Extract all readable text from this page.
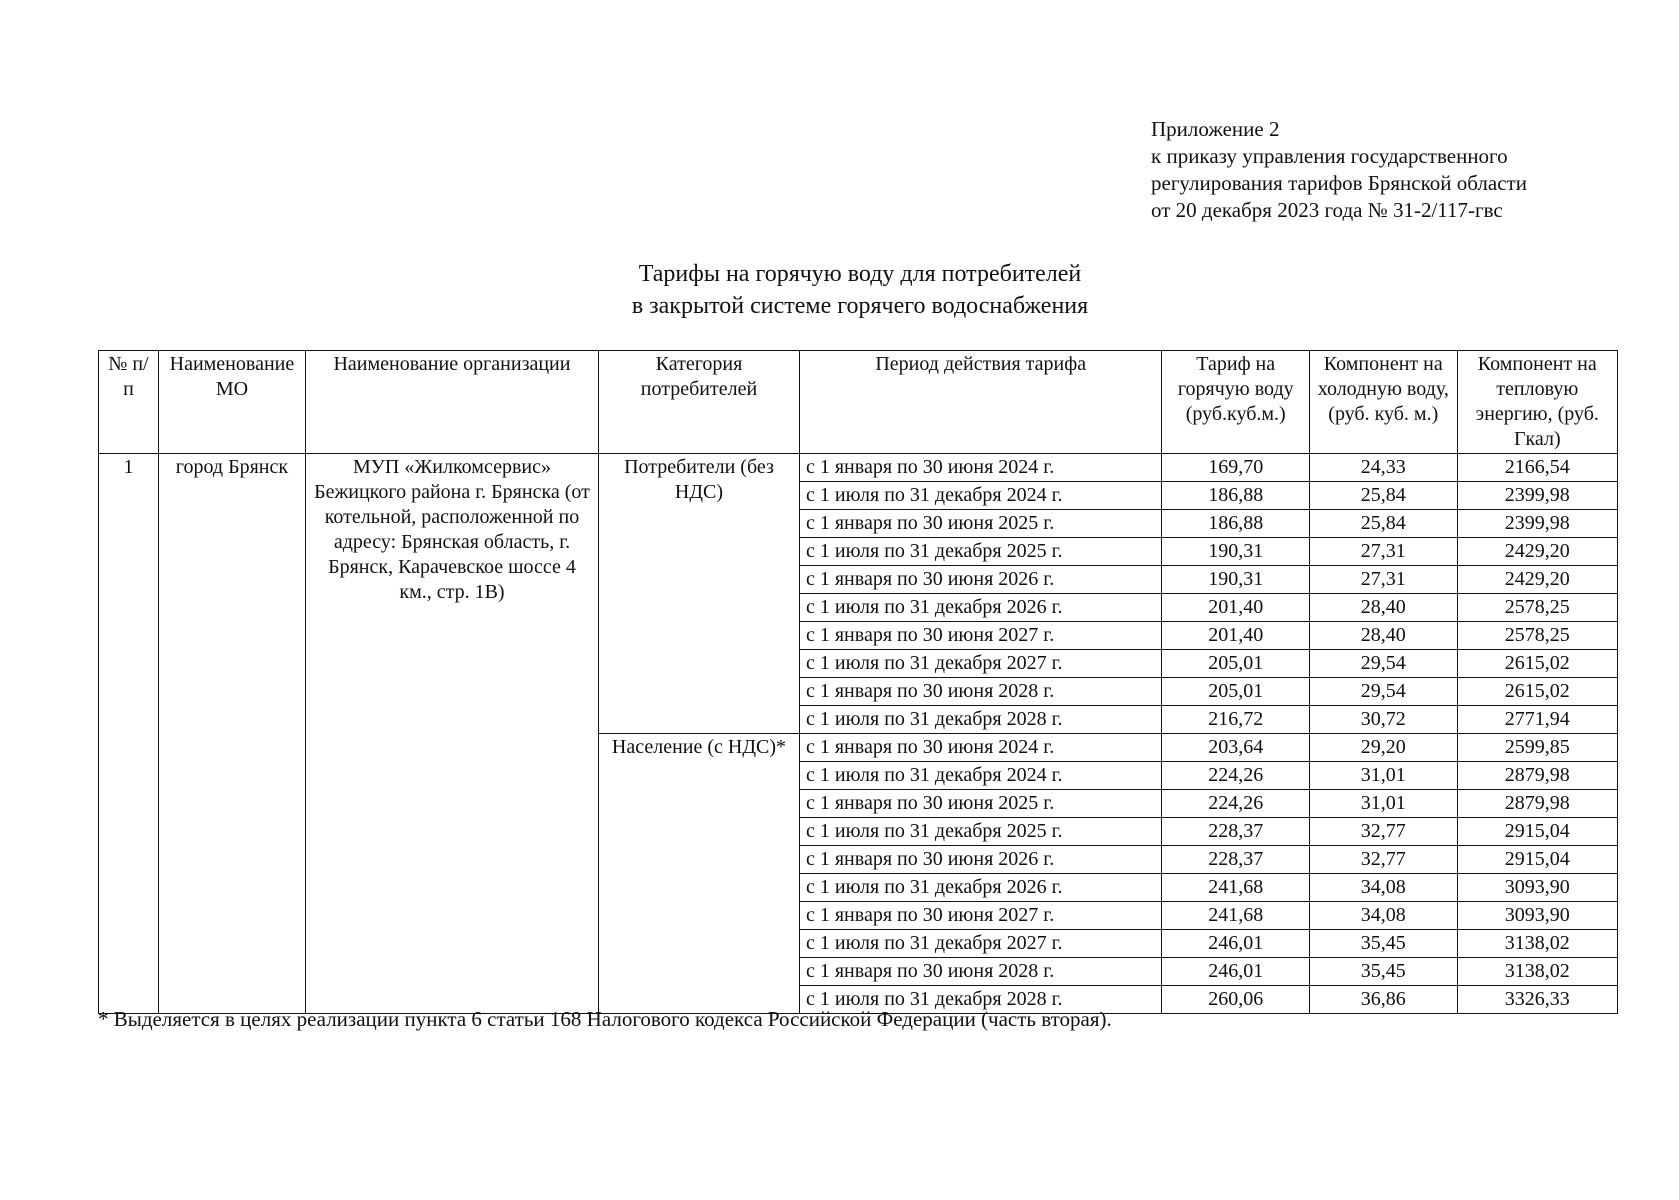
Приложение 2
к приказу управления государственного
регулирования тарифов Брянской области
от 20 декабря 2023 года № 31-2/117-гвс
Тарифы на горячую воду для потребителей
в закрытой системе горячего водоснабжения
№ п/п	Наименование МО	Наименование организации	Категория потребителей	Период действия тарифа	Тариф на горячую воду (руб.куб.м.)	Компонент на холодную воду, (руб. куб. м.)	Компонент на тепловую энергию, (руб. Гкал)
1	город Брянск	МУП «Жилкомсервис» Бежицкого района г. Брянска (от котельной, расположенной по адресу: Брянская область, г. Брянск, Карачевское шоссе 4 км., стр. 1В)	Потребители (без НДС)	с 1 января по 30 июня 2024 г.	169,70	24,33	2166,54
				с 1 июля по 31 декабря 2024 г.	186,88	25,84	2399,98
				с 1 января по 30 июня 2025 г.	186,88	25,84	2399,98
				с 1 июля по 31 декабря 2025 г.	190,31	27,31	2429,20
				с 1 января по 30 июня 2026 г.	190,31	27,31	2429,20
				с 1 июля по 31 декабря 2026 г.	201,40	28,40	2578,25
				с 1 января по 30 июня 2027 г.	201,40	28,40	2578,25
				с 1 июля по 31 декабря 2027 г.	205,01	29,54	2615,02
				с 1 января по 30 июня 2028 г.	205,01	29,54	2615,02
				с 1 июля по 31 декабря 2028 г.	216,72	30,72	2771,94
			Население (с НДС)*	с 1 января по 30 июня 2024 г.	203,64	29,20	2599,85
				с 1 июля по 31 декабря 2024 г.	224,26	31,01	2879,98
				с 1 января по 30 июня 2025 г.	224,26	31,01	2879,98
				с 1 июля по 31 декабря 2025 г.	228,37	32,77	2915,04
				с 1 января по 30 июня 2026 г.	228,37	32,77	2915,04
				с 1 июля по 31 декабря 2026 г.	241,68	34,08	3093,90
				с 1 января по 30 июня 2027 г.	241,68	34,08	3093,90
				с 1 июля по 31 декабря 2027 г.	246,01	35,45	3138,02
				с 1 января по 30 июня 2028 г.	246,01	35,45	3138,02
				с 1 июля по 31 декабря 2028 г.	260,06	36,86	3326,33
* Выделяется в целях реализации пункта 6 статьи 168 Налогового кодекса Российской Федерации (часть вторая).
